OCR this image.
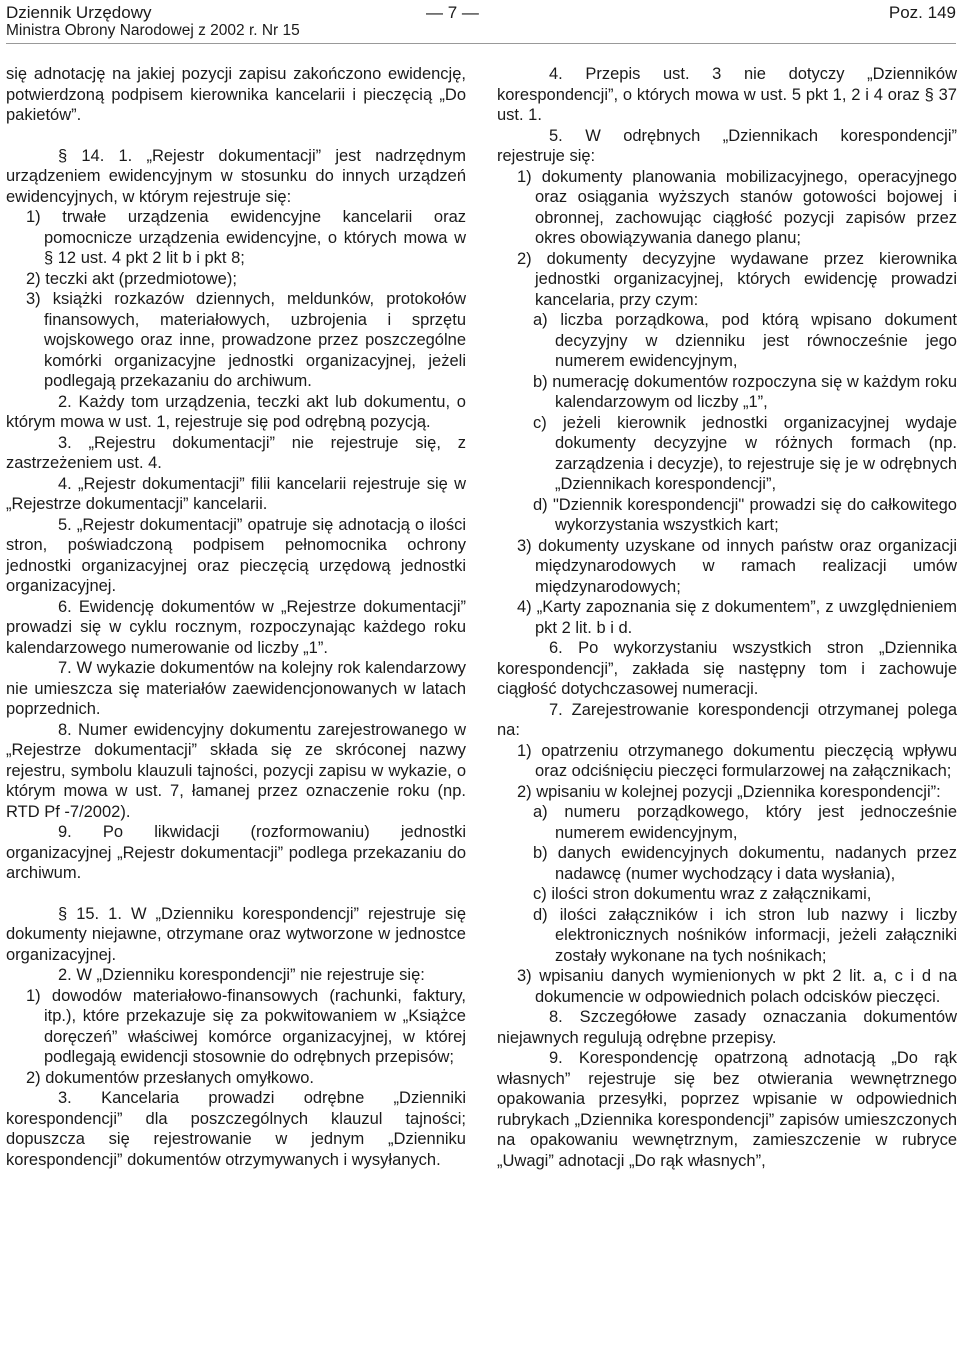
Dziennik Urzędowy	— 7 —	Poz. 149
Ministra Obrony Narodowej z 2002 r. Nr 15

się adnotację na jakiej pozycji zapisu zakończono ewidencję, potwierdzoną podpisem kierownika kancelarii i pieczęcią „Do pakietów”.

§ 14. 1. „Rejestr dokumentacji” jest nadrzędnym urządzeniem ewidencyjnym w stosunku do innych urządzeń ewidencyjnych, w którym rejestruje się:

1) trwałe urządzenia ewidencyjne kancelarii oraz pomocnicze urządzenia ewidencyjne, o których mowa w § 12 ust. 4 pkt 2 lit b i pkt 8;

2) teczki akt (przedmiotowe);

3) książki rozkazów dziennych, meldunków, protokołów finansowych, materiałowych, uzbrojenia i sprzętu wojskowego oraz inne, prowadzone przez poszczególne komórki organizacyjne jednostki organizacyjnej, jeżeli podlegają przekazaniu do archiwum.

2. Każdy tom urządzenia, teczki akt lub dokumentu, o którym mowa w ust. 1, rejestruje się pod odrębną pozycją.

3. „Rejestru dokumentacji” nie rejestruje się, z zastrzeżeniem ust. 4.

4. „Rejestr dokumentacji” filii kancelarii rejestruje się w „Rejestrze dokumentacji” kancelarii.

5. „Rejestr dokumentacji” opatruje się adnotacją o ilości stron, poświadczoną podpisem pełnomocnika ochrony jednostki organizacyjnej oraz pieczęcią urzędową jednostki organizacyjnej.

6. Ewidencję dokumentów w „Rejestrze dokumentacji” prowadzi się w cyklu rocznym, rozpoczynając każdego roku kalendarzowego numerowanie od liczby „1”.

7. W wykazie dokumentów na kolejny rok kalendarzowy nie umieszcza się materiałów zaewidencjonowanych w latach poprzednich.

8. Numer ewidencyjny dokumentu zarejestrowanego w „Rejestrze dokumentacji” składa się ze skróconej nazwy rejestru, symbolu klauzuli tajności, pozycji zapisu w wykazie, o którym mowa w ust. 7, łamanej przez oznaczenie roku (np. RTD Pf -7/2002).

9. Po likwidacji (rozformowaniu) jednostki organizacyjnej „Rejestr dokumentacji” podlega przekazaniu do archiwum.

§ 15. 1. W „Dzienniku korespondencji” rejestruje się dokumenty niejawne, otrzymane oraz wytworzone w jednostce organizacyjnej.

2. W „Dzienniku korespondencji” nie rejestruje się:

1) dowodów materiałowo-finansowych (rachunki, faktury, itp.), które przekazuje się za pokwitowaniem w „Książce doręczeń” właściwej komórce organizacyjnej, w której podlegają ewidencji stosownie do odrębnych przepisów;

2) dokumentów przesłanych omyłkowo.

3. Kancelaria prowadzi odrębne „Dzienniki korespondencji” dla poszczególnych klauzul tajności; dopuszcza się rejestrowanie w jednym „Dzienniku korespondencji” dokumentów otrzymywanych i wysyłanych.

4. Przepis ust. 3 nie dotyczy „Dzienników korespondencji”, o których mowa w ust. 5 pkt 1, 2 i 4 oraz § 37 ust. 1.

5. W odrębnych „Dziennikach korespondencji” rejestruje się:

1) dokumenty planowania mobilizacyjnego, operacyjnego oraz osiągania wyższych stanów gotowości bojowej i obronnej, zachowując ciągłość pozycji zapisów przez okres obowiązywania danego planu;

2) dokumenty decyzyjne wydawane przez kierownika jednostki organizacyjnej, których ewidencję prowadzi kancelaria, przy czym:

a) liczba porządkowa, pod którą wpisano dokument decyzyjny w dzienniku jest równocześnie jego numerem ewidencyjnym,

b) numerację dokumentów rozpoczyna się w każdym roku kalendarzowym od liczby „1”,

c) jeżeli kierownik jednostki organizacyjnej wydaje dokumenty decyzyjne w różnych formach (np. zarządzenia i decyzje), to rejestruje się je w odrębnych „Dziennikach korespondencji”,

d) "Dziennik korespondencji" prowadzi się do całkowitego wykorzystania wszystkich kart;

3) dokumenty uzyskane od innych państw oraz organizacji międzynarodowych w ramach realizacji umów międzynarodowych;

4) „Karty zapoznania się z dokumentem”, z uwzględnieniem pkt 2 lit. b i d.

6. Po wykorzystaniu wszystkich stron „Dziennika korespondencji”, zakłada się następny tom i zachowuje ciągłość dotychczasowej numeracji.

7. Zarejestrowanie korespondencji otrzymanej polega na:

1) opatrzeniu otrzymanego dokumentu pieczęcią wpływu oraz odciśnięciu pieczęci formularzowej na załącznikach;

2) wpisaniu w kolejnej pozycji „Dziennika korespondencji”:

a) numeru porządkowego, który jest jednocześnie numerem ewidencyjnym,

b) danych ewidencyjnych dokumentu, nadanych przez nadawcę (numer wychodzący i data wysłania),

c) ilości stron dokumentu wraz z załącznikami,

d) ilości załączników i ich stron lub nazwy i liczby elektronicznych nośników informacji, jeżeli załączniki zostały wykonane na tych nośnikach;

3) wpisaniu danych wymienionych w pkt 2 lit. a, c i d na dokumencie w odpowiednich polach odcisków pieczęci.

8. Szczegółowe zasady oznaczania dokumentów niejawnych regulują odrębne przepisy.

9. Korespondencję opatrzoną adnotacją „Do rąk własnych” rejestruje się bez otwierania wewnętrznego opakowania przesyłki, poprzez wpisanie w odpowiednich rubrykach „Dziennika korespondencji” zapisów umieszczonych na opakowaniu wewnętrznym, zamieszczenie w rubryce „Uwagi” adnotacji „Do rąk własnych”,
